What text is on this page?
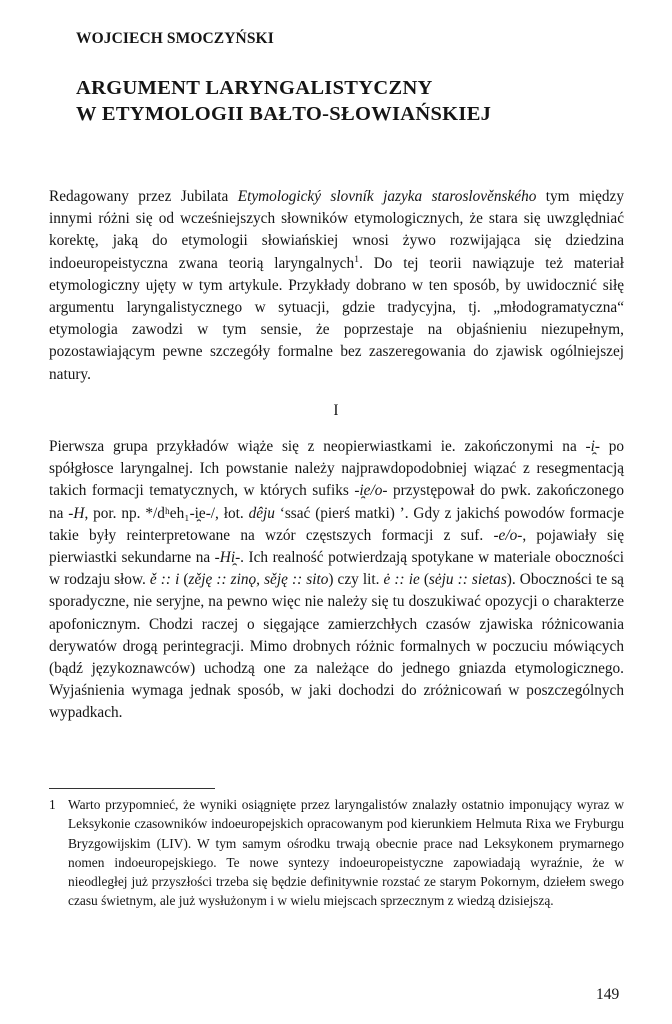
WOJCIECH SMOCZYŃSKI
ARGUMENT LARYNGALISTYCZNY
W ETYMOLOGII BAŁTO-SŁOWIAŃSKIEJ
Redagowany przez Jubilata Etymologický slovník jazyka staroslověnského tym między innymi różni się od wcześniejszych słowników etymologicznych, że stara się uwzględniać korektę, jaką do etymologii słowiańskiej wnosi żywo rozwijająca się dziedzina indoeuropeistyczna zwana teorią laryngalnych$^1$. Do tej teorii nawiązuje też materiał etymologiczny ujęty w tym artykule. Przykłady dobrano w ten sposób, by uwidocznić siłę argumentu laryngalistycznego w sytuacji, gdzie tradycyjna, tj. „młodogramatyczna“ etymologia zawodzi w tym sensie, że poprzestaje na objaśnieniu niezupełnym, pozostawiającym pewne szczegóły formalne bez zaszeregowania do zjawisk ogólniejszej natury.
I
Pierwsza grupa przykładów wiąże się z neopierwiastkami ie. zakończonymi na -i̯- po spółgłosce laryngalnej. Ich powstanie należy najprawdopodobniej wiązać z resegmentacją takich formacji tematycznych, w których sufiks -i̯e/o- przystępował do pwk. zakończonego na -H, por. np. */dʰeh₁-i̯e-/, łot. dêju ‘ssać (pierś matki) ’. Gdy z jakichś powodów formacje takie były reinterpretowane na wzór częstszych formacji z suf. -e/o-, pojawiały się pierwiastki sekundarne na -Hi̯-. Ich realność potwierdzają spotykane w materiale oboczności w rodzaju słow. ě :: i (zěję :: zinǫ, sěję :: sito) czy lit. ė :: ie (sėju :: sietas). Oboczności te są sporadyczne, nie seryjne, na pewno więc nie należy się tu doszukiwać opozycji o charakterze apofonicznym. Chodzi raczej o sięgające zamierzchłych czasów zjawiska różnicowania derywatów drogą perintegracji. Mimo drobnych różnic formalnych w poczuciu mówiących (bądź językoznawców) uchodzą one za należące do jednego gniazda etymologicznego. Wyjaśnienia wymaga jednak sposób, w jaki dochodzi do zróżnicowań w poszczególnych wypadkach.
1 Warto przypomnieć, że wyniki osiągnięte przez laryngalistów znalazły ostatnio imponujący wyraz w Leksykonie czasowników indoeuropejskich opracowanym pod kierunkiem Helmuta Rixa we Fryburgu Bryzgowijskim (LIV). W tym samym ośrodku trwają obecnie prace nad Leksykonem prymarnego nomen indoeuropejskiego. Te nowe syntezy indoeuropeistyczne zapowiadają wyraźnie, że w nieodległej już przyszłości trzeba się będzie definitywnie rozstać ze starym Pokornym, dziełem swego czasu świetnym, ale już wysłużonym i w wielu miejscach sprzecznym z wiedzą dzisiejszą.
149
